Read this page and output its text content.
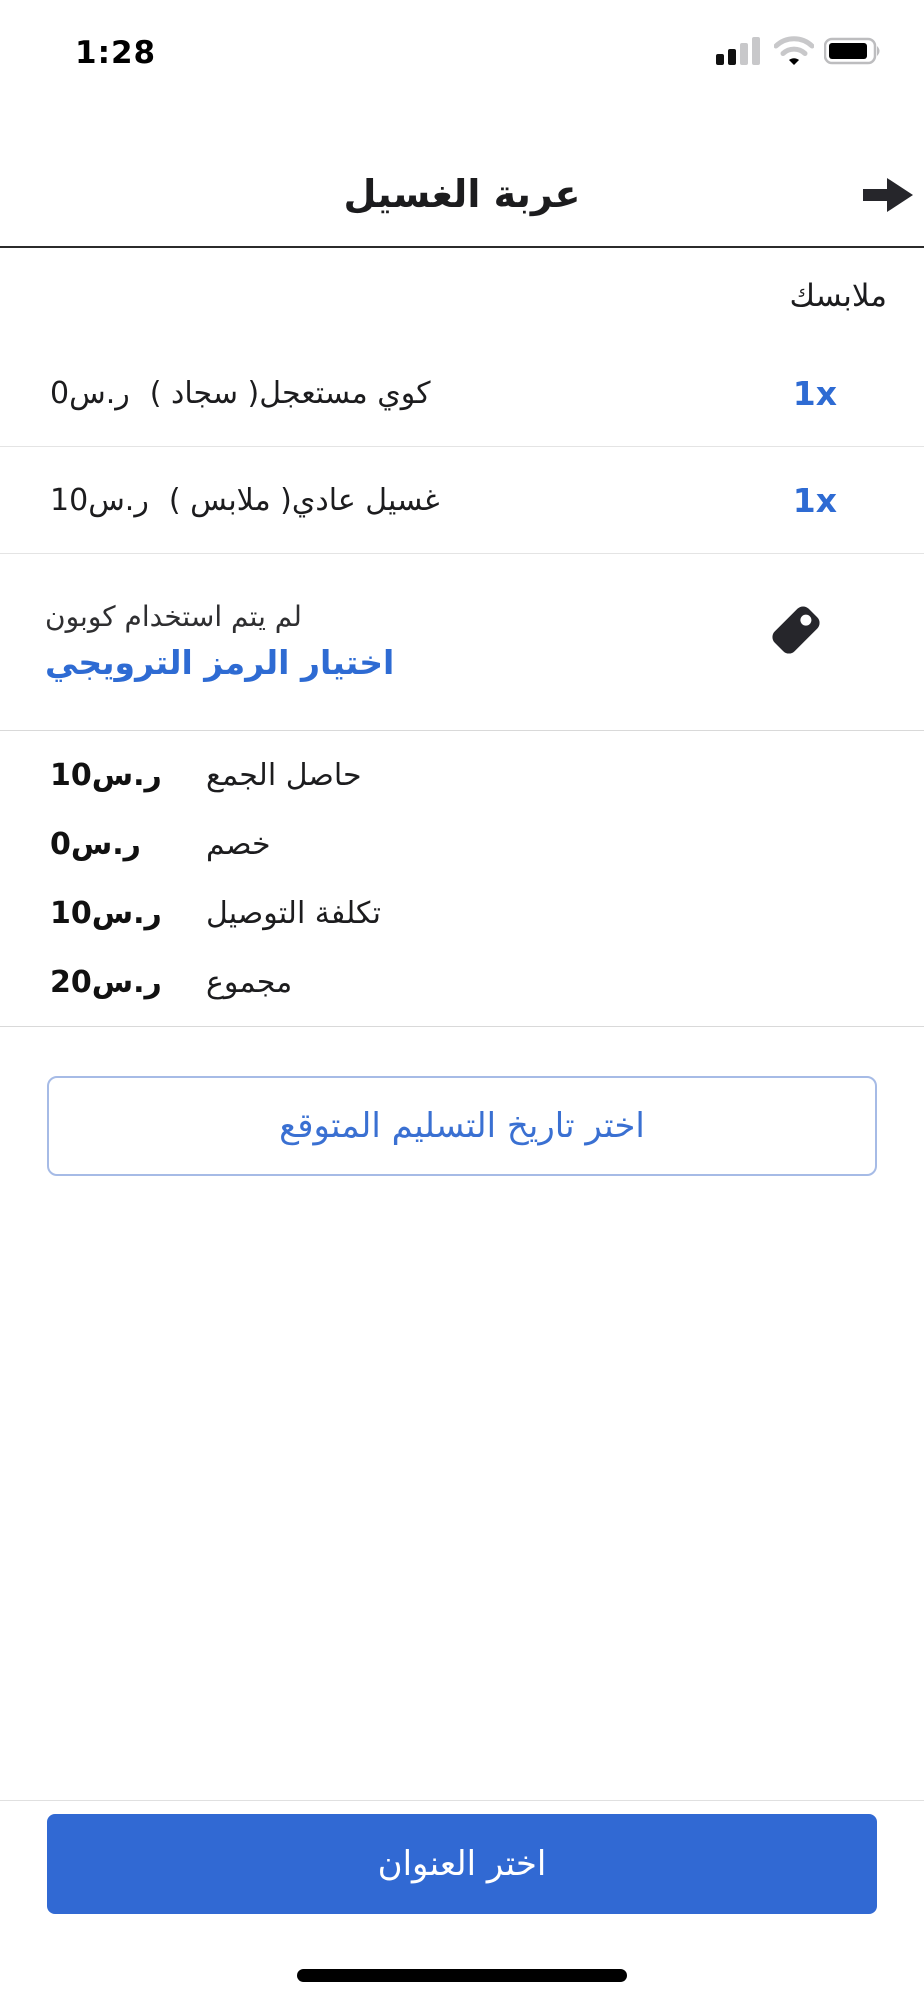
1:28
عربة الغسيل
ملابسك
كوي مستعجل( سجاد )
ر.س0	1x
غسيل عادي( ملابس )
ر.س10	1x
لم يتم استخدام كوبون
اختيار الرمز الترويجي
ر.س10	حاصل الجمع
ر.س0	خصم
ر.س10	تكلفة التوصيل
ر.س20	مجموع
اختر تاريخ التسليم المتوقع
اختر العنوان
